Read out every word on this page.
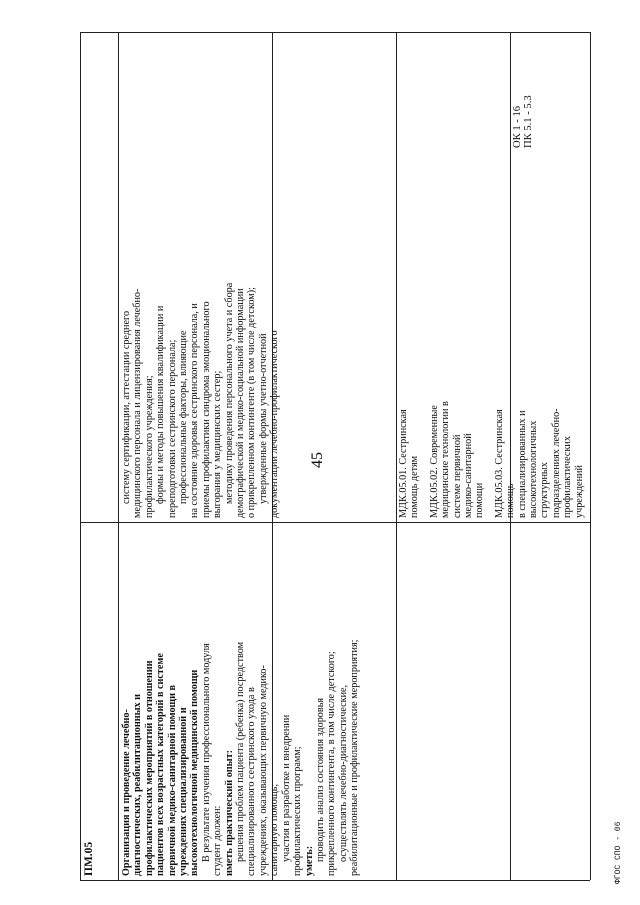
45
ФГОС СПО - 06

систему сертификации, аттестации среднего медицинского персонала и лицензирования лечебно- профилактического учреждения; формы и методы повышения квалификации и переподготовки сестринского персонала; профессиональные факторы, влияющие на состояние здоровья сестринского персонала, и приемы профилактики синдрома эмоционального выгорания у медицинских сестер; методику проведения персонального учета и сбора демографической и медико-социальной информации о прикрепленном контингенте (в том числе детском); утвержденные формы учетно-отчетной документации лечебно-профилактического

ОК 1 - 16 ПК 5.1 - 5.3

ПМ.05	Организация и проведение лечебно- диагностических, реабилитационных и профилактических мероприятий в отношении пациентов всех возрастных категорий в системе первичной медико-санитарной помощи в учреждениях специализированной и высокотехнологичной медицинской помощи В результате изучения профессионального модуля студент должен: иметь практический опыт: решения проблем пациента (ребенка) посредством специализированного сестринского ухода в учреждениях, оказывающих первичную медико- санитарную помощь; участия в разработке и внедрении профилактических программ; уметь: проводить анализ состояния здоровья прикрепленного контингента, в том числе детского; осуществлять лечебно-диагностические, реабилитационные и профилактические мероприятия;

МДК.05.01. Сестринская помощь детям МДК.05.02. Современные медицинские технологии в системе первичной медико-санитарной помощи МДК.05.03. Сестринская помощь в специализированных и высокотехнологичных структурных подразделениях лечебно- профилактических учреждений
